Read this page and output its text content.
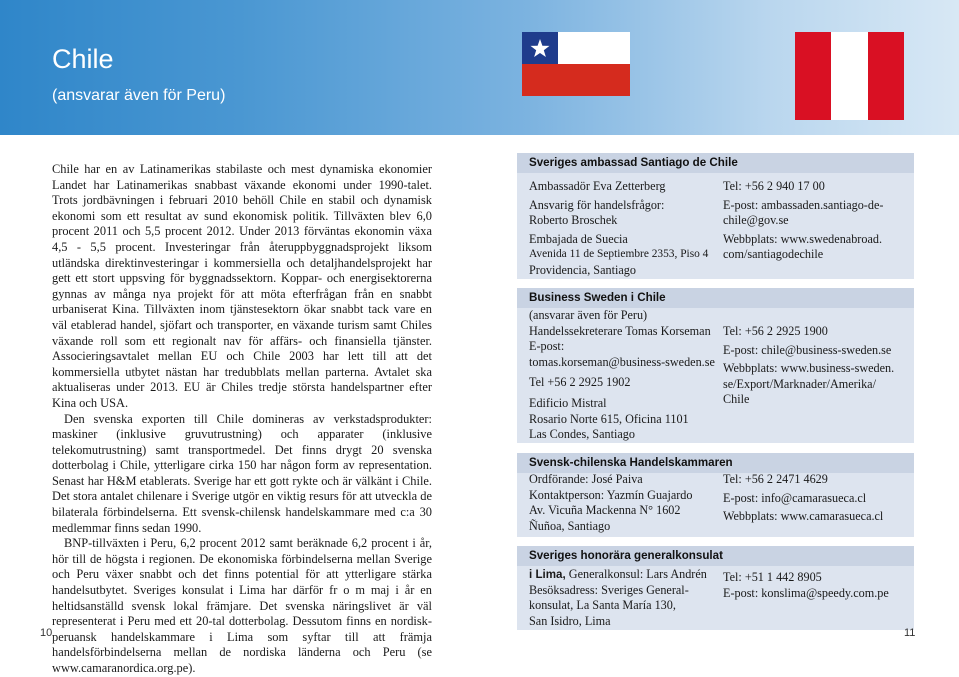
Chile
(ansvarar även för Peru)

Chile har en av Latinamerikas stabilaste och mest dynamiska ekonomier Landet har Latinamerikas snabbast växande ekonomi under 1990-talet. Trots jordbävningen i februari 2010 behöll Chile en stabil och dynamisk ekonomi som ett resultat av sund ekonomisk politik. Tillväxten blev 6,0 procent 2011 och 5,5 procent 2012. Under 2013 förväntas ekonomin växa 4,5 - 5,5 procent. Investeringar från återuppbyggnadsprojekt liksom utländska direktinvesteringar i kommersiella och detaljhandelsprojekt har gett ett stort uppsving för byggnadssektorn. Koppar- och energisektorerna gynnas av många nya projekt för att möta efterfrågan från en snabbt urbaniserat Kina. Tillväxten inom tjänstesektorn ökar snabbt tack vare en väl etablerad handel, sjöfart och transporter, en växande turism samt Chiles växande roll som ett regionalt nav för affärs- och finansiella tjänster. Associeringsavtalet mellan EU och Chile 2003 har lett till att det kommersiella utbytet nästan har tredubblats mellan parterna. Avtalet ska aktualiseras under 2013. EU är Chiles tredje största handelspartner efter Kina och USA.

Den svenska exporten till Chile domineras av verkstadsprodukter: maskiner (inklusive gruvutrustning) och apparater (inklusive telekomutrustning) samt transportmedel. Det finns drygt 20 svenska dotterbolag i Chile, ytterligare cirka 150 har någon form av representation. Senast har H&M etablerats. Sverige har ett gott rykte och är välkänt i Chile. Det stora antalet chilenare i Sverige utgör en viktig resurs för att utveckla de bilaterala förbindelserna. Ett svensk-chilensk handelskammare med c:a 30 medlemmar finns sedan 1990.

BNP-tillväxten i Peru, 6,2 procent 2012 samt beräknade 6,2 procent i år, hör till de högsta i regionen. De ekonomiska förbindelserna mellan Sverige och Peru växer snabbt och det finns potential för att ytterligare stärka handelsutbytet. Sveriges konsulat i Lima har därför fr o m maj i år en heltidsanställd svensk lokal främjare. Det svenska näringslivet är väl representerat i Peru med ett 20-tal dotterbolag. Dessutom finns en nordisk-peruansk handelskammare i Lima som syftar till att främja handelsförbindelserna mellan de nordiska länderna och Peru (se www.camaranordica.org.pe).

Sveriges ambassad Santiago de Chile
Ambassadör Eva Zetterberg
Ansvarig för handelsfrågor:
Roberto Broschek
Embajada de Suecia
Avenida 11 de Septiembre 2353, Piso 4
Providencia, Santiago
Tel: +56 2 940 17 00
E-post: ambassaden.santiago-de-
chile@gov.se
Webbplats: www.swedenabroad.
com/santiagodechile
Business Sweden i Chile
(ansvarar även för Peru)
Handelssekreterare Tomas Korseman
E-post:
tomas.korseman@business-sweden.se
Tel +56 2 2925 1902
Edificio Mistral
Rosario Norte 615, Oficina 1101
Las Condes, Santiago
Tel: +56 2 2925 1900
E-post: chile@business-sweden.se
Webbplats: www.business-sweden.
se/Export/Marknader/Amerika/
Chile
Svensk-chilenska Handelskammaren
Ordförande: José Paiva
Kontaktperson: Yazmín Guajardo
Av. Vicuña Mackenna N° 1602
Ñuñoa, Santiago
Tel: +56 2 2471 4629
E-post: info@camarasueca.cl
Webbplats: www.camarasueca.cl
Sveriges honorära generalkonsulat
i Lima, Generalkonsul: Lars Andrén
Besöksadress: Sveriges General-
konsulat, La Santa María 130,
San Isidro, Lima
Tel: +51 1 442 8905
E-post: konslima@speedy.com.pe
10	11
